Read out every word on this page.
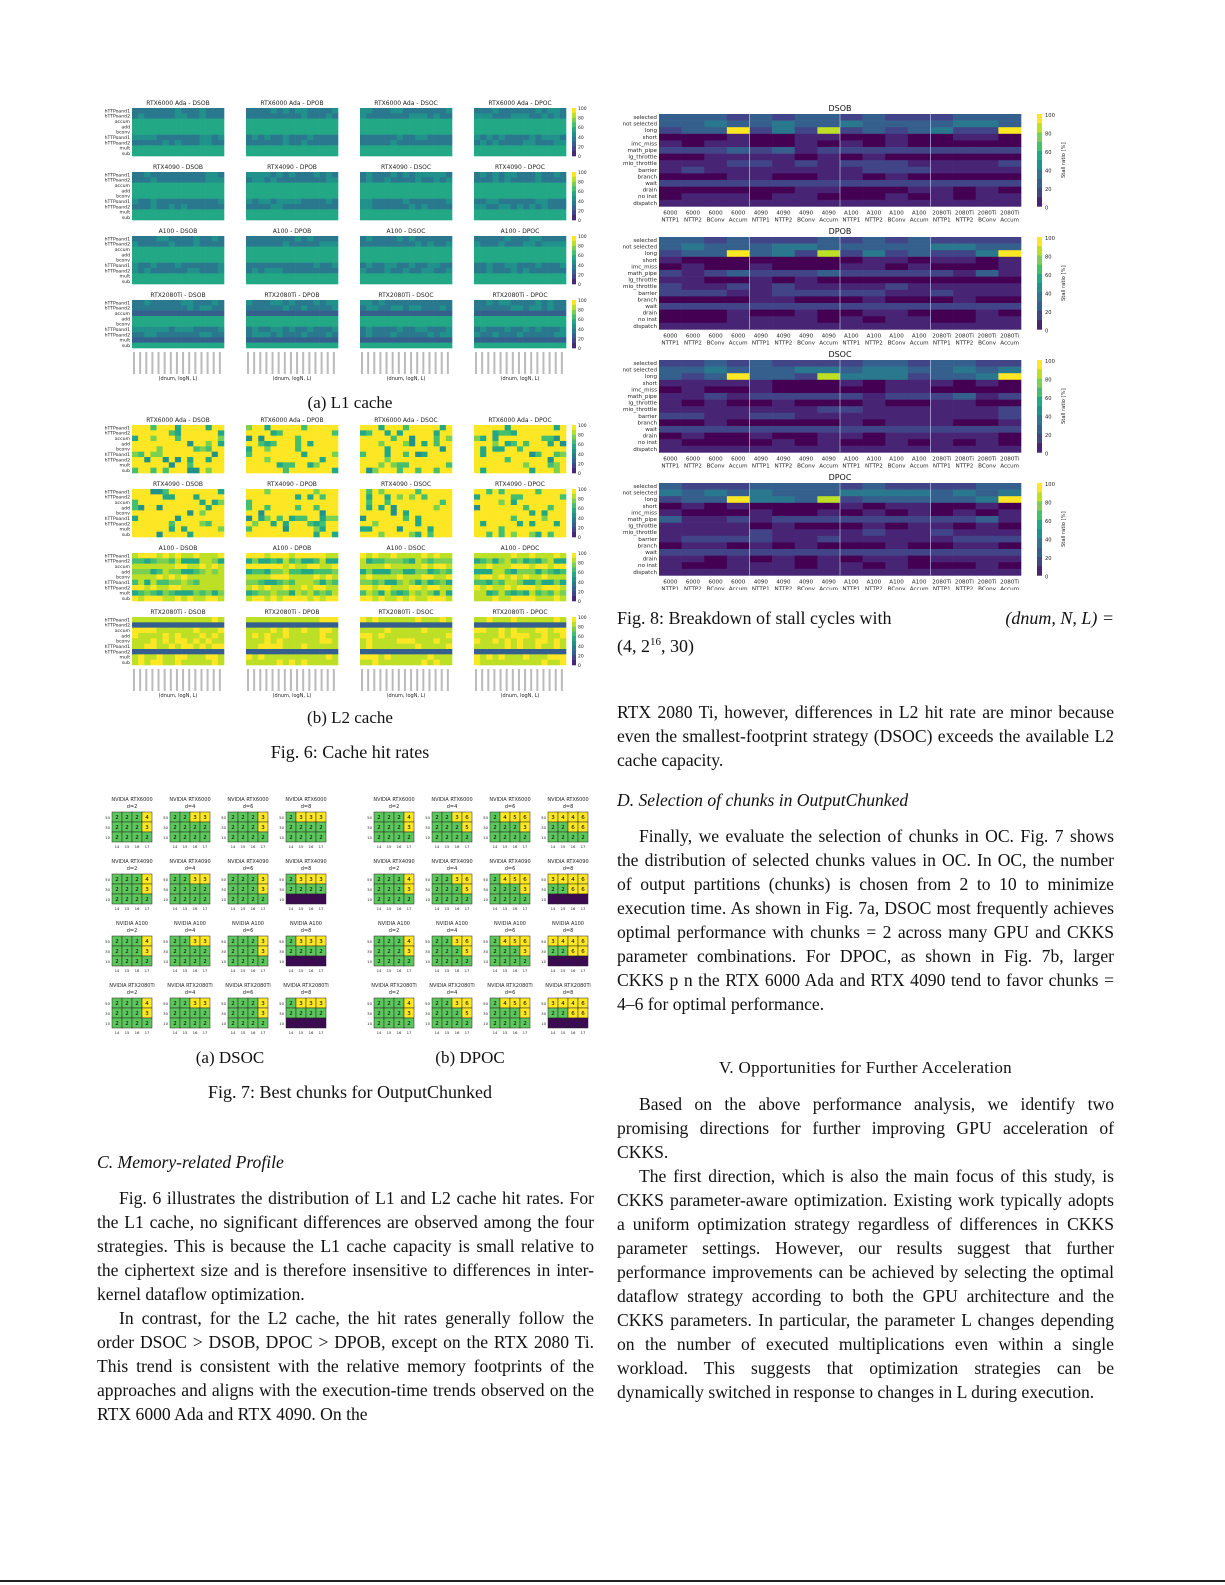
RTX6000 Ada - DSOB
hTTPoand1
hTTPoand2
accum
add
bconv
hTTPoand1
hTTPoand2
mult
sub
RTX6000 Ada - DPOB	RTX6000 Ada - DSOC	RTX6000 Ada - DPOC
100
80
60
40
20
0
RTX4090 - DSOB
hTTPoand1
hTTPoand2
accum
add
bconv
hTTPoand1
hTTPoand2
mult
sub
RTX4090 - DPOB	RTX4090 - DSOC	RTX4090 - DPOC
100
80
60
40
20
0
A100 - DSOB
hTTPoand1
hTTPoand2
accum
add
bconv
hTTPoand1
hTTPoand2
mult
sub
A100 - DPOB	A100 - DSOC	A100 - DPOC
100
80
60
40
20
0
RTX2080Ti - DSOB
hTTPoand1
hTTPoand2
accum
add
bconv
hTTPoand1
hTTPoand2
mult
sub
RTX2080Ti - DPOB	RTX2080Ti - DSOC	RTX2080Ti - DPOC
100
80
60
40
20
0
(dnum, logN, L)	(dnum, logN, L)	(dnum, logN, L)	(dnum, logN, L)
RTX6000 Ada - DSOB
hTTPoand1
hTTPoand2
accum
add
bconv
hTTPoand1
hTTPoand2
mult
sub
RTX6000 Ada - DPOB	RTX6000 Ada - DSOC	RTX6000 Ada - DPOC
100
80
60
40
20
0
RTX4090 - DSOB
hTTPoand1
hTTPoand2
accum
add
bconv
hTTPoand1
hTTPoand2
mult
sub
RTX4090 - DPOB	RTX4090 - DSOC	RTX4090 - DPOC
100
80
60
40
20
0
A100 - DSOB
hTTPoand1
hTTPoand2
accum
add
bconv
hTTPoand1
hTTPoand2
mult
sub
A100 - DPOB	A100 - DSOC	A100 - DPOC
100
80
60
40
20
0
RTX2080Ti - DSOB
hTTPoand1
hTTPoand2
accum
add
bconv
hTTPoand1
hTTPoand2
mult
sub
RTX2080Ti - DPOB	RTX2080Ti - DSOC	RTX2080Ti - DPOC
100
80
60
40
20
0
(dnum, logN, L)	(dnum, logN, L)	(dnum, logN, L)	(dnum, logN, L)
(a) L1 cache
(b) L2 cache
Fig. 6: Cache hit rates
NVIDIA RTX6000
d=2
2 2 2 4
2 2 2 3
2 2 2 2
50
30
10
14 15 16 17
NVIDIA RTX6000
d=4
2 2 3 3
2 2 2 2
2 2 2 2
50
30
10
14 15 16 17
NVIDIA RTX6000
d=6
2 2 2 3
2 2 2 3
2 2 2 2
50
30
10
14 15 16 17
NVIDIA RTX6000
d=8
2 3 3 3
2 2 2 2
2 2 2 2
50
30
10
14 15 16 17
NVIDIA RTX4090
d=2
2 2 2 4
2 2 2 3
2 2 2 2
50
30
10
14 15 16 17
NVIDIA RTX4090
d=4
2 2 3 3
2 2 2 2
2 2 2 2
50
30
10
14 15 16 17
NVIDIA RTX4090
d=6
2 2 2 3
2 2 2 3
2 2 2 2
50
30
10
14 15 16 17
NVIDIA RTX4090
d=8
2 3 3 3
2 2 2 2
50
30
10
14 15 16 17
NVIDIA A100
d=2
2 2 2 4
2 2 2 3
2 2 2 2
50
30
10
14 15 16 17
NVIDIA A100
d=4
2 2 3 3
2 2 2 2
2 2 2 2
50
30
10
14 15 16 17
NVIDIA A100
d=6
2 2 2 3
2 2 2 3
2 2 2 2
50
30
10
14 15 16 17
NVIDIA A100
d=8
2 3 3 3
2 2 2 2
50
30
10
14 15 16 17
NVIDIA RTX2080Ti
d=2
2 2 2 4
2 2 2 3
2 2 2 2
50
30
10
14 15 16 17
NVIDIA RTX2080Ti
d=4
2 2 3 3
2 2 2 2
2 2 2 2
50
30
10
14 15 16 17
NVIDIA RTX2080Ti
d=6
2 2 2 3
2 2 2 3
2 2 2 2
50
30
10
14 15 16 17
NVIDIA RTX2080Ti
d=8
2 3 3 3
2 2 2 2
50
30
10
14 15 16 17
NVIDIA RTX6000
d=2
2 2 2 4
2 2 2 3
2 2 2 2
50
30
10
14 15 16 17
NVIDIA RTX6000
d=4
2 2 3 6
2 2 2 5
2 2 2 2
50
30
10
14 15 16 17
NVIDIA RTX6000
d=6
2 4 5 6
2 2 2 3
2 2 2 2
50
30
10
14 15 16 17
NVIDIA RTX6000
d=8
3 4 4 6
2 2 6 6
2 2 2 2
50
30
10
14 15 16 17
NVIDIA RTX4090
d=2
2 2 2 4
2 2 2 3
2 2 2 2
50
30
10
14 15 16 17
NVIDIA RTX4090
d=4
2 2 3 6
2 2 2 5
2 2 2 2
50
30
10
14 15 16 17
NVIDIA RTX4090
d=6
2 4 5 6
2 2 2 3
2 2 2 2
50
30
10
14 15 16 17
NVIDIA RTX4090
d=8
3 4 4 6
2 2 6 6
50
30
10
14 15 16 17
NVIDIA A100
d=2
2 2 2 4
2 2 2 3
2 2 2 2
50
30
10
14 15 16 17
NVIDIA A100
d=4
2 2 3 6
2 2 2 5
2 2 2 2
50
30
10
14 15 16 17
NVIDIA A100
d=6
2 4 5 6
2 2 2 3
2 2 2 2
50
30
10
14 15 16 17
NVIDIA A100
d=8
3 4 4 6
2 2 6 6
50
30
10
14 15 16 17
NVIDIA RTX2080Ti
d=2
2 2 2 4
2 2 2 3
2 2 2 2
50
30
10
14 15 16 17
NVIDIA RTX2080Ti
d=4
2 2 3 6
2 2 2 5
2 2 2 2
50
30
10
14 15 16 17
NVIDIA RTX2080Ti
d=6
2 4 5 6
2 2 2 3
2 2 2 2
50
30
10
14 15 16 17
NVIDIA RTX2080Ti
d=8
3 4 4 6
2 2 6 6
50
30
10
14 15 16 17
(a) DSOC	(b) DPOC
Fig. 7: Best chunks for OutputChunked
C. Memory-related Profile

Fig. 6 illustrates the distribution of L1 and L2 cache hit rates. For the L1 cache, no significant differences are observed among the four strategies. This is because the L1 cache capacity is small relative to the ciphertext size and is therefore insensitive to differences in inter-kernel dataflow optimization.

In contrast, for the L2 cache, the hit rates generally follow the order DSOC > DSOB, DPOC > DPOB, except on the RTX 2080 Ti. This trend is consistent with the relative memory footprints of the approaches and aligns with the execution-time trends observed on the RTX 6000 Ada and RTX 4090. On the

DSOB
selected
not selected
long
short
imc_miss
math_pipe
lg_throttle
mio_throttle
barrier
branch
wait
drain
no inst
dispatch
6000
NTTP1
6000
NTTP2
6000
BConv
6000
Accum
4090
NTTP1
4090
NTTP2
4090
BConv
4090
Accum
A100
NTTP1
A100
NTTP2
A100
BConv
A100
Accum
2080Ti
NTTP1
2080Ti
NTTP2
2080Ti
BConv
2080Ti
Accum
100
80
60
40
20
0
Stall ratio [%]
DPOB
selected
not selected
long
short
imc_miss
math_pipe
lg_throttle
mio_throttle
barrier
branch
wait
drain
no inst
dispatch
6000
NTTP1
6000
NTTP2
6000
BConv
6000
Accum
4090
NTTP1
4090
NTTP2
4090
BConv
4090
Accum
A100
NTTP1
A100
NTTP2
A100
BConv
A100
Accum
2080Ti
NTTP1
2080Ti
NTTP2
2080Ti
BConv
2080Ti
Accum
100
80
60
40
20
0
Stall ratio [%]
DSOC
selected
not selected
long
short
imc_miss
math_pipe
lg_throttle
mio_throttle
barrier
branch
wait
drain
no inst
dispatch
6000
NTTP1
6000
NTTP2
6000
BConv
6000
Accum
4090
NTTP1
4090
NTTP2
4090
BConv
4090
Accum
A100
NTTP1
A100
NTTP2
A100
BConv
A100
Accum
2080Ti
NTTP1
2080Ti
NTTP2
2080Ti
BConv
2080Ti
Accum
100
80
60
40
20
0
Stall ratio [%]
DPOC
selected
not selected
long
short
imc_miss
math_pipe
lg_throttle
mio_throttle
barrier
branch
wait
drain
no inst
dispatch
6000
NTTP1
6000
NTTP2
6000
BConv
6000
Accum
4090
NTTP1
4090
NTTP2
4090
BConv
4090
Accum
A100
NTTP1
A100
NTTP2
A100
BConv
A100
Accum
2080Ti
NTTP1
2080Ti
NTTP2
2080Ti
BConv
2080Ti
Accum
100
80
60
40
20
0
Stall ratio [%]
Fig. 8: Breakdown of stall cycles with	(dnum, N, L) =
(4, $2^{16}$, 30)

RTX 2080 Ti, however, differences in L2 hit rate are minor because even the smallest-footprint strategy (DSOC) exceeds the available L2 cache capacity.

D. Selection of chunks in OutputChunked

Finally, we evaluate the selection of chunks in OC. Fig. 7 shows the distribution of selected chunks values in OC. In OC, the number of output partitions (chunks) is chosen from 2 to 10 to minimize execution time. As shown in Fig. 7a, DSOC most frequently achieves optimal performance with chunks = 2 across many GPU and CKKS parameter combinations. For DPOC, as shown in Fig. 7b, larger CKKS p n the RTX 6000 Ada and RTX 4090 tend to favor chunks = 4–6 for optimal performance.

V. Opportunities for Further Acceleration

Based on the above performance analysis, we identify two promising directions for further improving GPU acceleration of CKKS.

The first direction, which is also the main focus of this study, is CKKS parameter-aware optimization. Existing work typically adopts a uniform optimization strategy regardless of differences in CKKS parameter settings. However, our results suggest that further performance improvements can be achieved by selecting the optimal dataflow strategy according to both the GPU architecture and the CKKS parameters. In particular, the parameter L changes depending on the number of executed multiplications even within a single workload. This suggests that optimization strategies can be dynamically switched in response to changes in L during execution.
